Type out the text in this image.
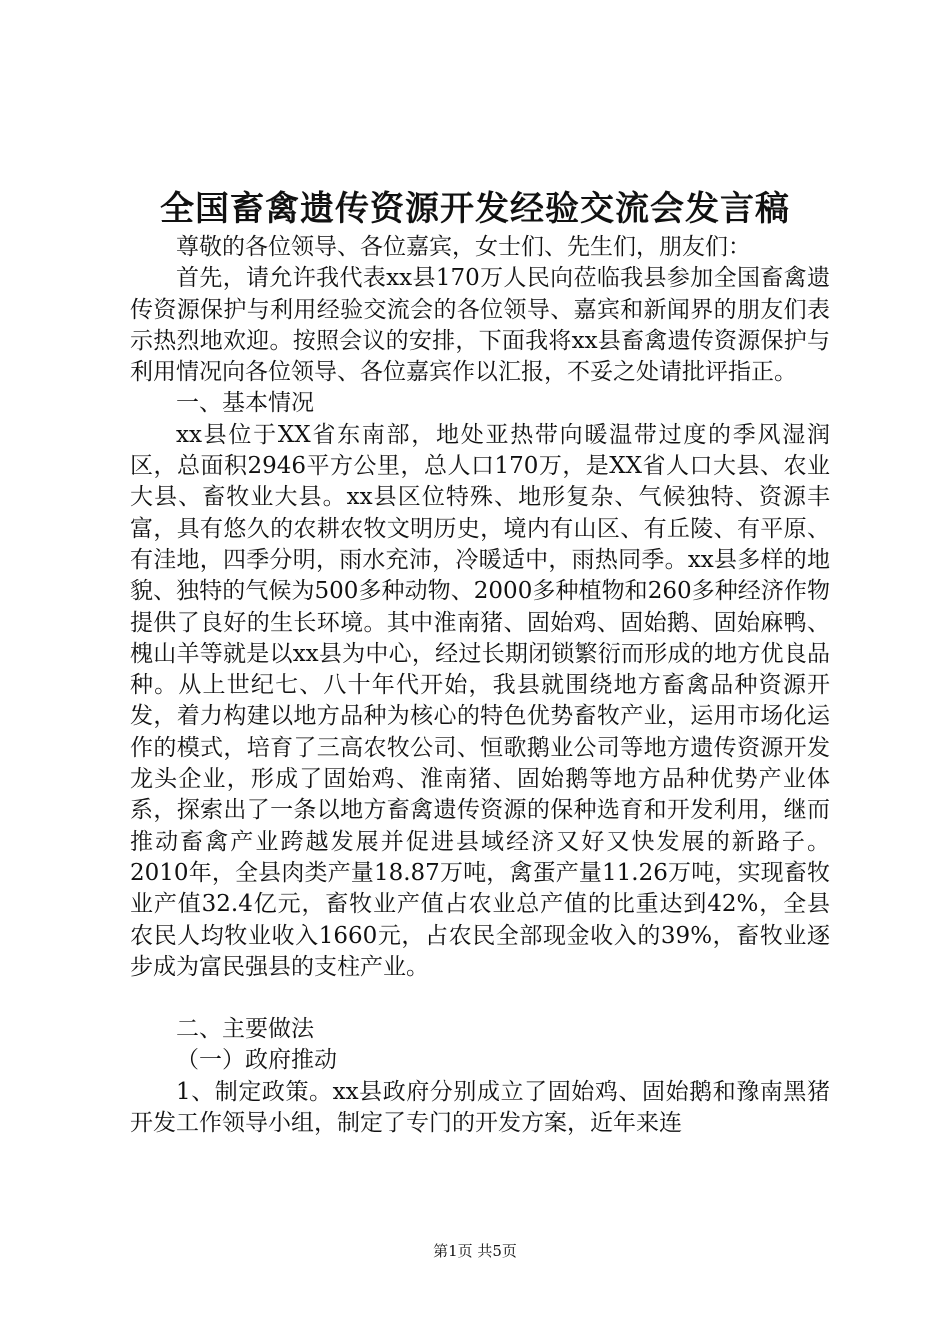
全国畜禽遗传资源开发经验交流会发言稿

尊敬的各位领导、各位嘉宾，女士们、先生们，朋友们：

首先，请允许我代表xx县170万人民向莅临我县参加全国畜禽遗传资源保护与利用经验交流会的各位领导、嘉宾和新闻界的朋友们表示热烈地欢迎。按照会议的安排，下面我将xx县畜禽遗传资源保护与利用情况向各位领导、各位嘉宾作以汇报，不妥之处请批评指正。

一、基本情况

xx县位于XX省东南部，地处亚热带向暖温带过度的季风湿润区，总面积2946平方公里，总人口170万，是XX省人口大县、农业大县、畜牧业大县。xx县区位特殊、地形复杂、气候独特、资源丰富，具有悠久的农耕农牧文明历史，境内有山区、有丘陵、有平原、有洼地，四季分明，雨水充沛，冷暖适中，雨热同季。xx县多样的地貌、独特的气候为500多种动物、2000多种植物和260多种经济作物提供了良好的生长环境。其中淮南猪、固始鸡、固始鹅、固始麻鸭、槐山羊等就是以xx县为中心，经过长期闭锁繁衍而形成的地方优良品种。从上世纪七、八十年代开始，我县就围绕地方畜禽品种资源开发，着力构建以地方品种为核心的特色优势畜牧产业，运用市场化运作的模式，培育了三高农牧公司、恒歌鹅业公司等地方遗传资源开发龙头企业，形成了固始鸡、淮南猪、固始鹅等地方品种优势产业体系，探索出了一条以地方畜禽遗传资源的保种选育和开发利用，继而推动畜禽产业跨越发展并促进县域经济又好又快发展的新路子。2010年，全县肉类产量18.87万吨，禽蛋产量11.26万吨，实现畜牧业产值32.4亿元，畜牧业产值占农业总产值的比重达到42%，全县农民人均牧业收入1660元，占农民全部现金收入的39%，畜牧业逐步成为富民强县的支柱产业。

二、主要做法

（一）政府推动

1、制定政策。xx县政府分别成立了固始鸡、固始鹅和豫南黑猪开发工作领导小组，制定了专门的开发方案，近年来连

第1页 共5页
